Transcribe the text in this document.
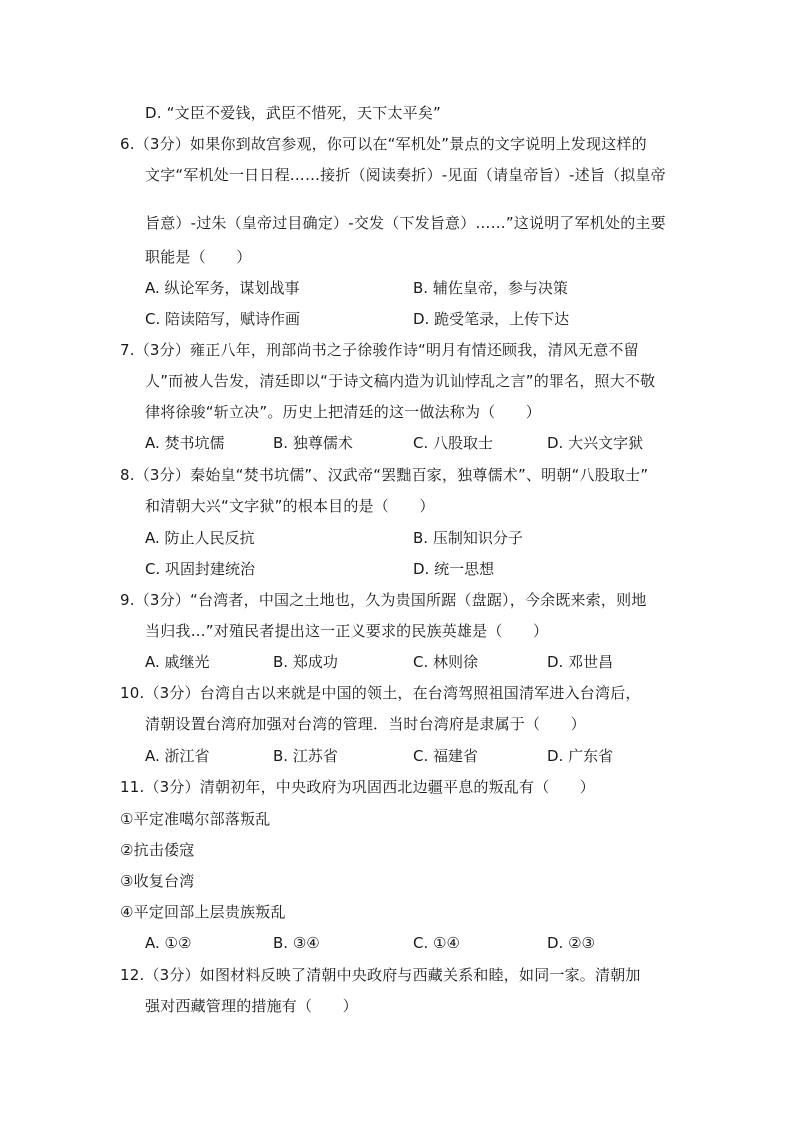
D. “文臣不爱钱，武臣不惜死，天下太平矣”
6.（3分）如果你到故宫参观，你可以在“军机处”景点的文字说明上发现这样的
文字“军机处一日日程……接折（阅读奏折）-见面（请皇帝旨）-述旨（拟皇帝
旨意）-过朱（皇帝过目确定）-交发（下发旨意）……”这说明了军机处的主要
职能是（　　）
A. 纵论军务，谋划战事	B. 辅佐皇帝，参与决策
C. 陪读陪写，赋诗作画	D. 跪受笔录，上传下达
7.（3分）雍正八年，刑部尚书之子徐骏作诗“明月有情还顾我，清风无意不留
人”而被人告发，清廷即以“于诗文稿内造为讥讪悖乱之言”的罪名，照大不敬
律将徐骏“斩立决”。历史上把清廷的这一做法称为（　　）
A. 焚书坑儒	B. 独尊儒术	C. 八股取士	D. 大兴文字狱
8.（3分）秦始皇“焚书坑儒”、汉武帝“罢黜百家，独尊儒术”、明朝“八股取士”
和清朝大兴“文字狱”的根本目的是（　　）
A. 防止人民反抗	B. 压制知识分子
C. 巩固封建统治	D. 统一思想
9.（3分）“台湾者，中国之土地也，久为贵国所踞（盘踞），今余既来索，则地
当归我…”对殖民者提出这一正义要求的民族英雄是（　　）
A. 戚继光	B. 郑成功	C. 林则徐	D. 邓世昌
10.（3分）台湾自古以来就是中国的领土，在台湾驾照祖国清军进入台湾后，
清朝设置台湾府加强对台湾的管理．当时台湾府是隶属于（　　）
A. 浙江省	B. 江苏省	C. 福建省	D. 广东省
11.（3分）清朝初年，中央政府为巩固西北边疆平息的叛乱有（　　）
①平定准噶尔部落叛乱
②抗击倭寇
③收复台湾
④平定回部上层贵族叛乱
A. ①②	B. ③④	C. ①④	D. ②③
12.（3分）如图材料反映了清朝中央政府与西藏关系和睦，如同一家。清朝加
强对西藏管理的措施有（　　）
